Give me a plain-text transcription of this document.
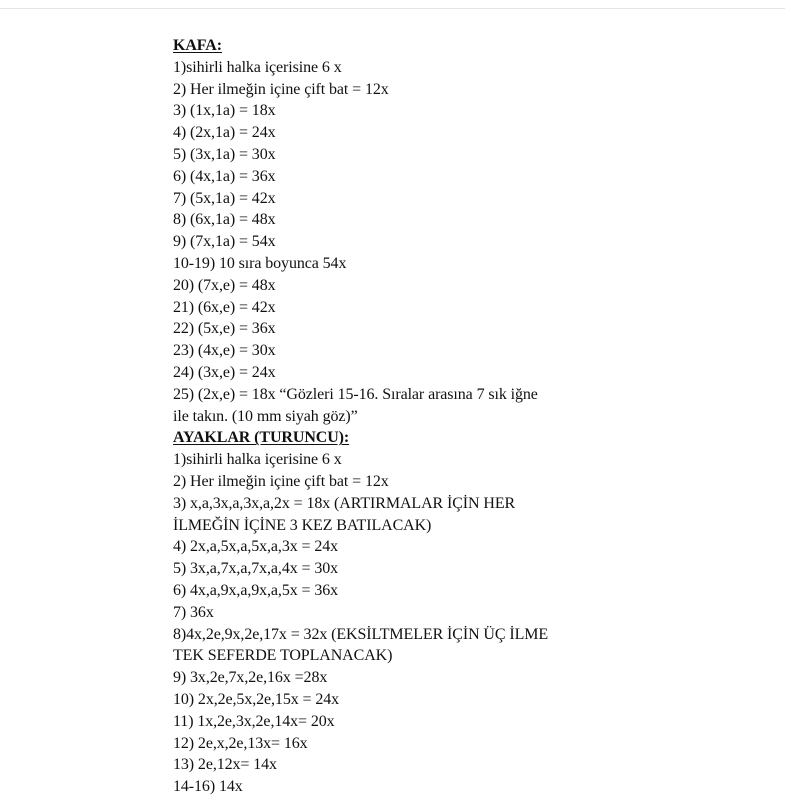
KAFA:
1)sihirli halka içerisine 6 x
2) Her ilmeğin içine çift bat = 12x
3) (1x,1a) = 18x
4) (2x,1a) = 24x
5) (3x,1a) = 30x
6) (4x,1a) = 36x
7) (5x,1a) = 42x
8) (6x,1a) = 48x
9) (7x,1a) = 54x
10-19) 10 sıra boyunca 54x
20) (7x,e) = 48x
21) (6x,e) = 42x
22) (5x,e) = 36x
23) (4x,e) = 30x
24) (3x,e) = 24x
25) (2x,e) = 18x “Gözleri 15-16. Sıralar arasına 7 sık iğne
ile takın. (10 mm siyah göz)”
AYAKLAR (TURUNCU):
1)sihirli halka içerisine 6 x
2) Her ilmeğin içine çift bat = 12x
3) x,a,3x,a,3x,a,2x = 18x (ARTIRMALAR İÇİN HER
İLMEĞİN İÇİNE 3 KEZ BATILACAK)
4) 2x,a,5x,a,5x,a,3x = 24x
5) 3x,a,7x,a,7x,a,4x = 30x
6) 4x,a,9x,a,9x,a,5x = 36x
7) 36x
8)4x,2e,9x,2e,17x = 32x (EKSİLTMELER İÇİN ÜÇ İLME
TEK SEFERDE TOPLANACAK)
9) 3x,2e,7x,2e,16x =28x
10) 2x,2e,5x,2e,15x = 24x
11) 1x,2e,3x,2e,14x= 20x
12) 2e,x,2e,13x= 16x
13) 2e,12x= 14x
14-16) 14x
